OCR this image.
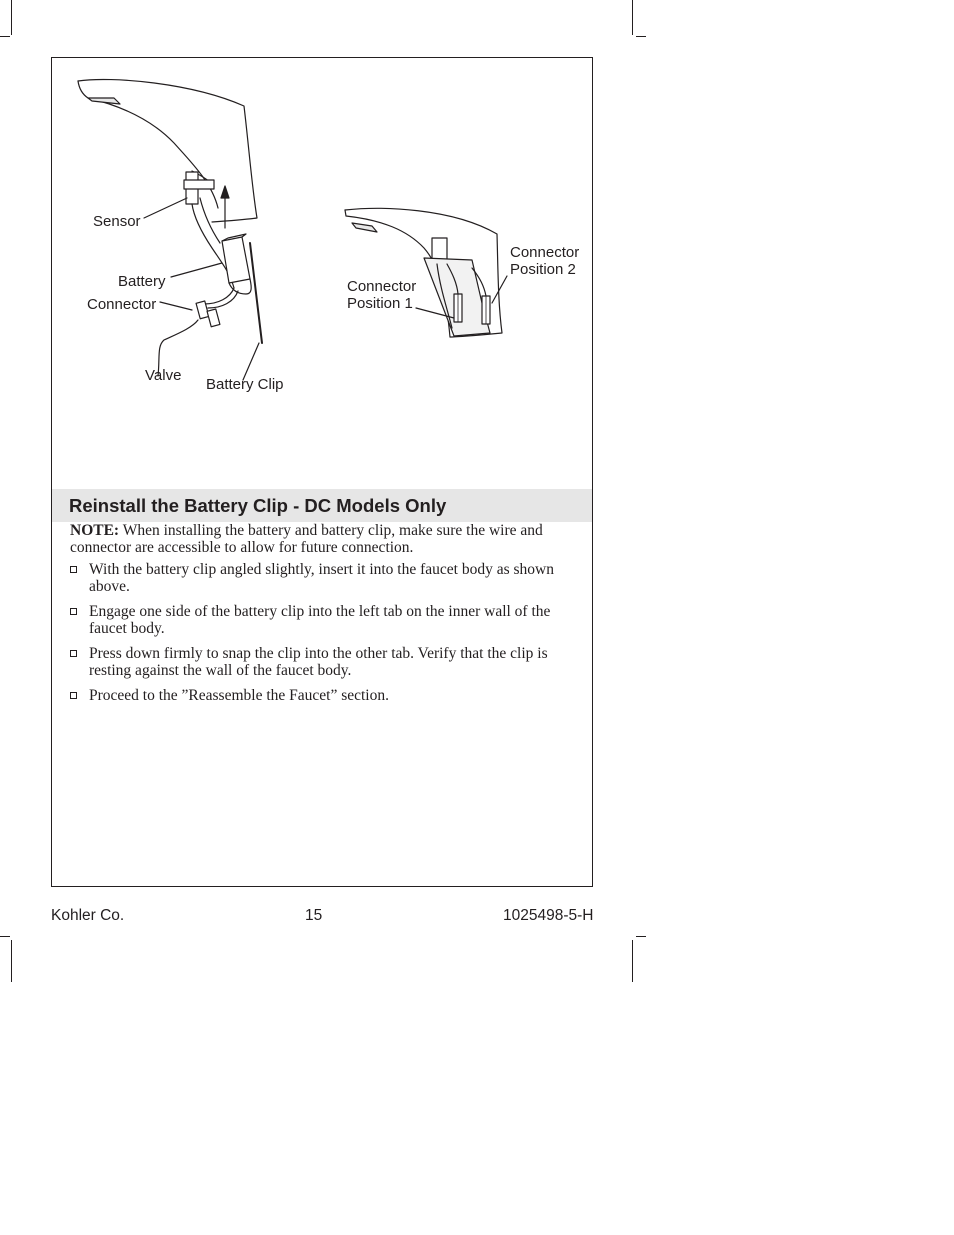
Sensor
Battery
Connector
Valve
Battery Clip
Connector
Position 1
Connector
Position 2
Reinstall the Battery Clip - DC Models Only
NOTE: When installing the battery and battery clip, make sure the wire and connector are accessible to allow for future connection.
With the battery clip angled slightly, insert it into the faucet body as shown above.
Engage one side of the battery clip into the left tab on the inner wall of the faucet body.
Press down firmly to snap the clip into the other tab. Verify that the clip is resting against the wall of the faucet body.
Proceed to the ”Reassemble the Faucet” section.
Kohler Co.	15	1025498-5-H
